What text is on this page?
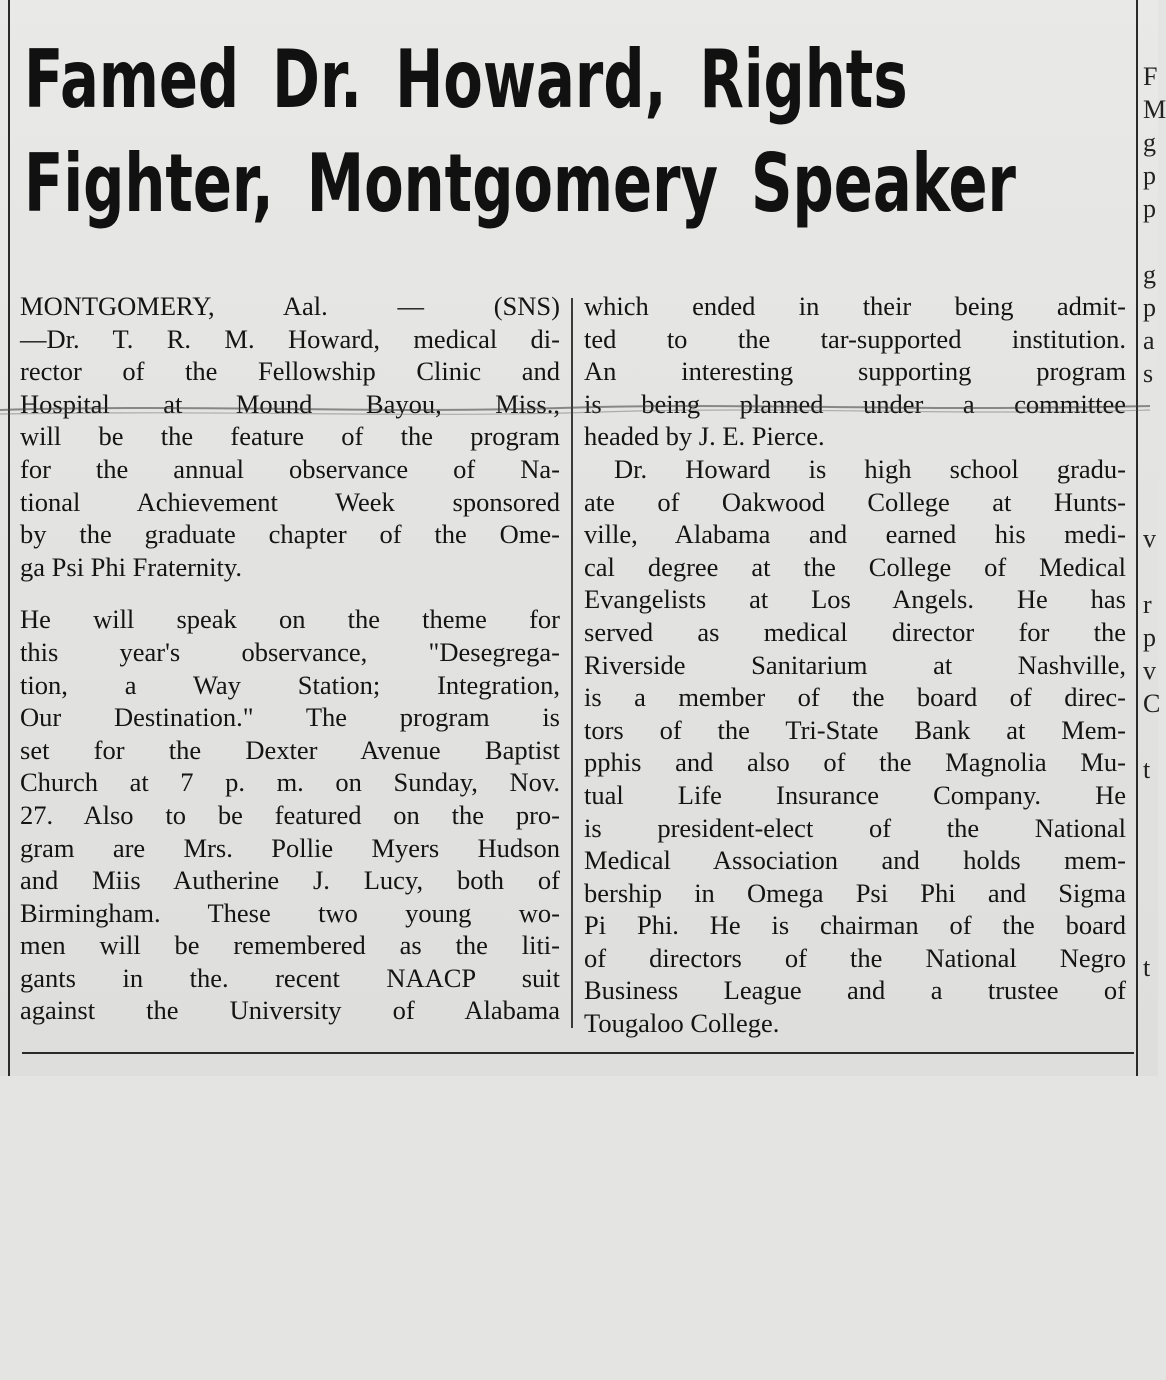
Famed Dr. Howard, Rights
Fighter, Montgomery Speaker

MONTGOMERY, Aal. — (SNS)
—Dr. T. R. M. Howard, medical di-
rector of the Fellowship Clinic and
Hospital at Mound Bayou, Miss.,
will be the feature of the program
for the annual observance of Na-
tional Achievement Week sponsored
by the graduate chapter of the Ome-
ga Psi Phi Fraternity.

He will speak on the theme for
this year's observance, "Desegrega-
tion, a Way Station; Integration,
Our Destination." The program is
set for the Dexter Avenue Baptist
Church at 7 p. m. on Sunday, Nov.
27. Also to be featured on the pro-
gram are Mrs. Pollie Myers Hudson
and Miis Autherine J. Lucy, both of
Birmingham. These two young wo-
men will be remembered as the liti-
gants in the. recent NAACP suit
against the University of Alabama

which ended in their being admit-
ted to the tar-supported institution.
An interesting supporting program
is being planned under a committee
headed by J. E. Pierce.

Dr. Howard is high school gradu-
ate of Oakwood College at Hunts-
ville, Alabama and earned his medi-
cal degree at the College of Medical
Evangelists at Los Angels. He has
served as medical director for the
Riverside Sanitarium at Nashville,
is a member of the board of direc-
tors of the Tri-State Bank at Mem-
pphis and also of the Magnolia Mu-
tual Life Insurance Company. He
is president-elect of the National
Medical Association and holds mem-
bership in Omega Psi Phi and Sigma
Pi Phi. He is chairman of the board
of directors of the National Negro
Business League and a trustee of
Tougaloo College.

F
M
g
p
p

g
p
a
s

v

r
p
v
C

t

t
